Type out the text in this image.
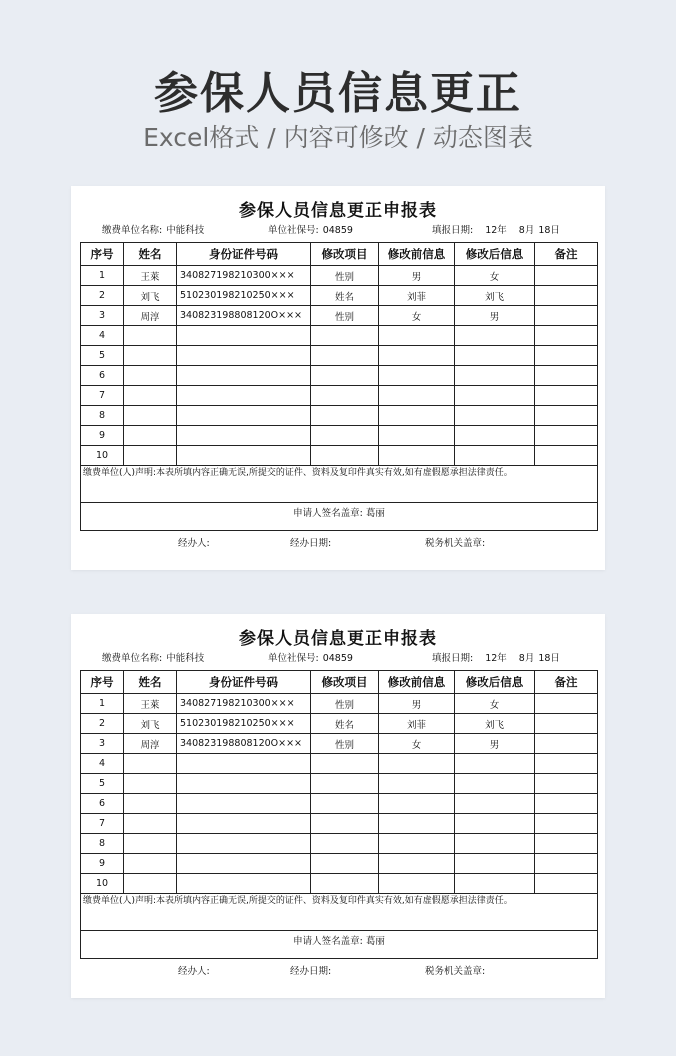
参保人员信息更正
Excel格式 / 内容可修改 / 动态图表
参保人员信息更正申报表
缴费单位名称: 中能科技	单位社保号: 04859	填报日期: 12年 8月 18日
序号	姓名	身份证件号码	修改项目	修改前信息	修改后信息	备注
1	王萊	340827198210300×××	性别	男	女	
2	刘飞	510230198210250×××	姓名	刘菲	刘飞	
3	周淳	340823198808120O×××	性别	女	男	
4						
5						
6						
7						
8						
9						
10						
缴费单位(人)声明:本表所填内容正确无误,所提交的证件、资料及复印件真实有效,如有虚假愿承担法律责任。						
申请人签名盖章: 葛丽						
经办人:	经办日期:	税务机关盖章:
参保人员信息更正申报表
缴费单位名称: 中能科技	单位社保号: 04859	填报日期: 12年 8月 18日
序号	姓名	身份证件号码	修改项目	修改前信息	修改后信息	备注
1	王萊	340827198210300×××	性别	男	女	
2	刘飞	510230198210250×××	姓名	刘菲	刘飞	
3	周淳	340823198808120O×××	性别	女	男	
4						
5						
6						
7						
8						
9						
10						
缴费单位(人)声明:本表所填内容正确无误,所提交的证件、资料及复印件真实有效,如有虚假愿承担法律责任。						
申请人签名盖章: 葛丽						
经办人:	经办日期:	税务机关盖章:
